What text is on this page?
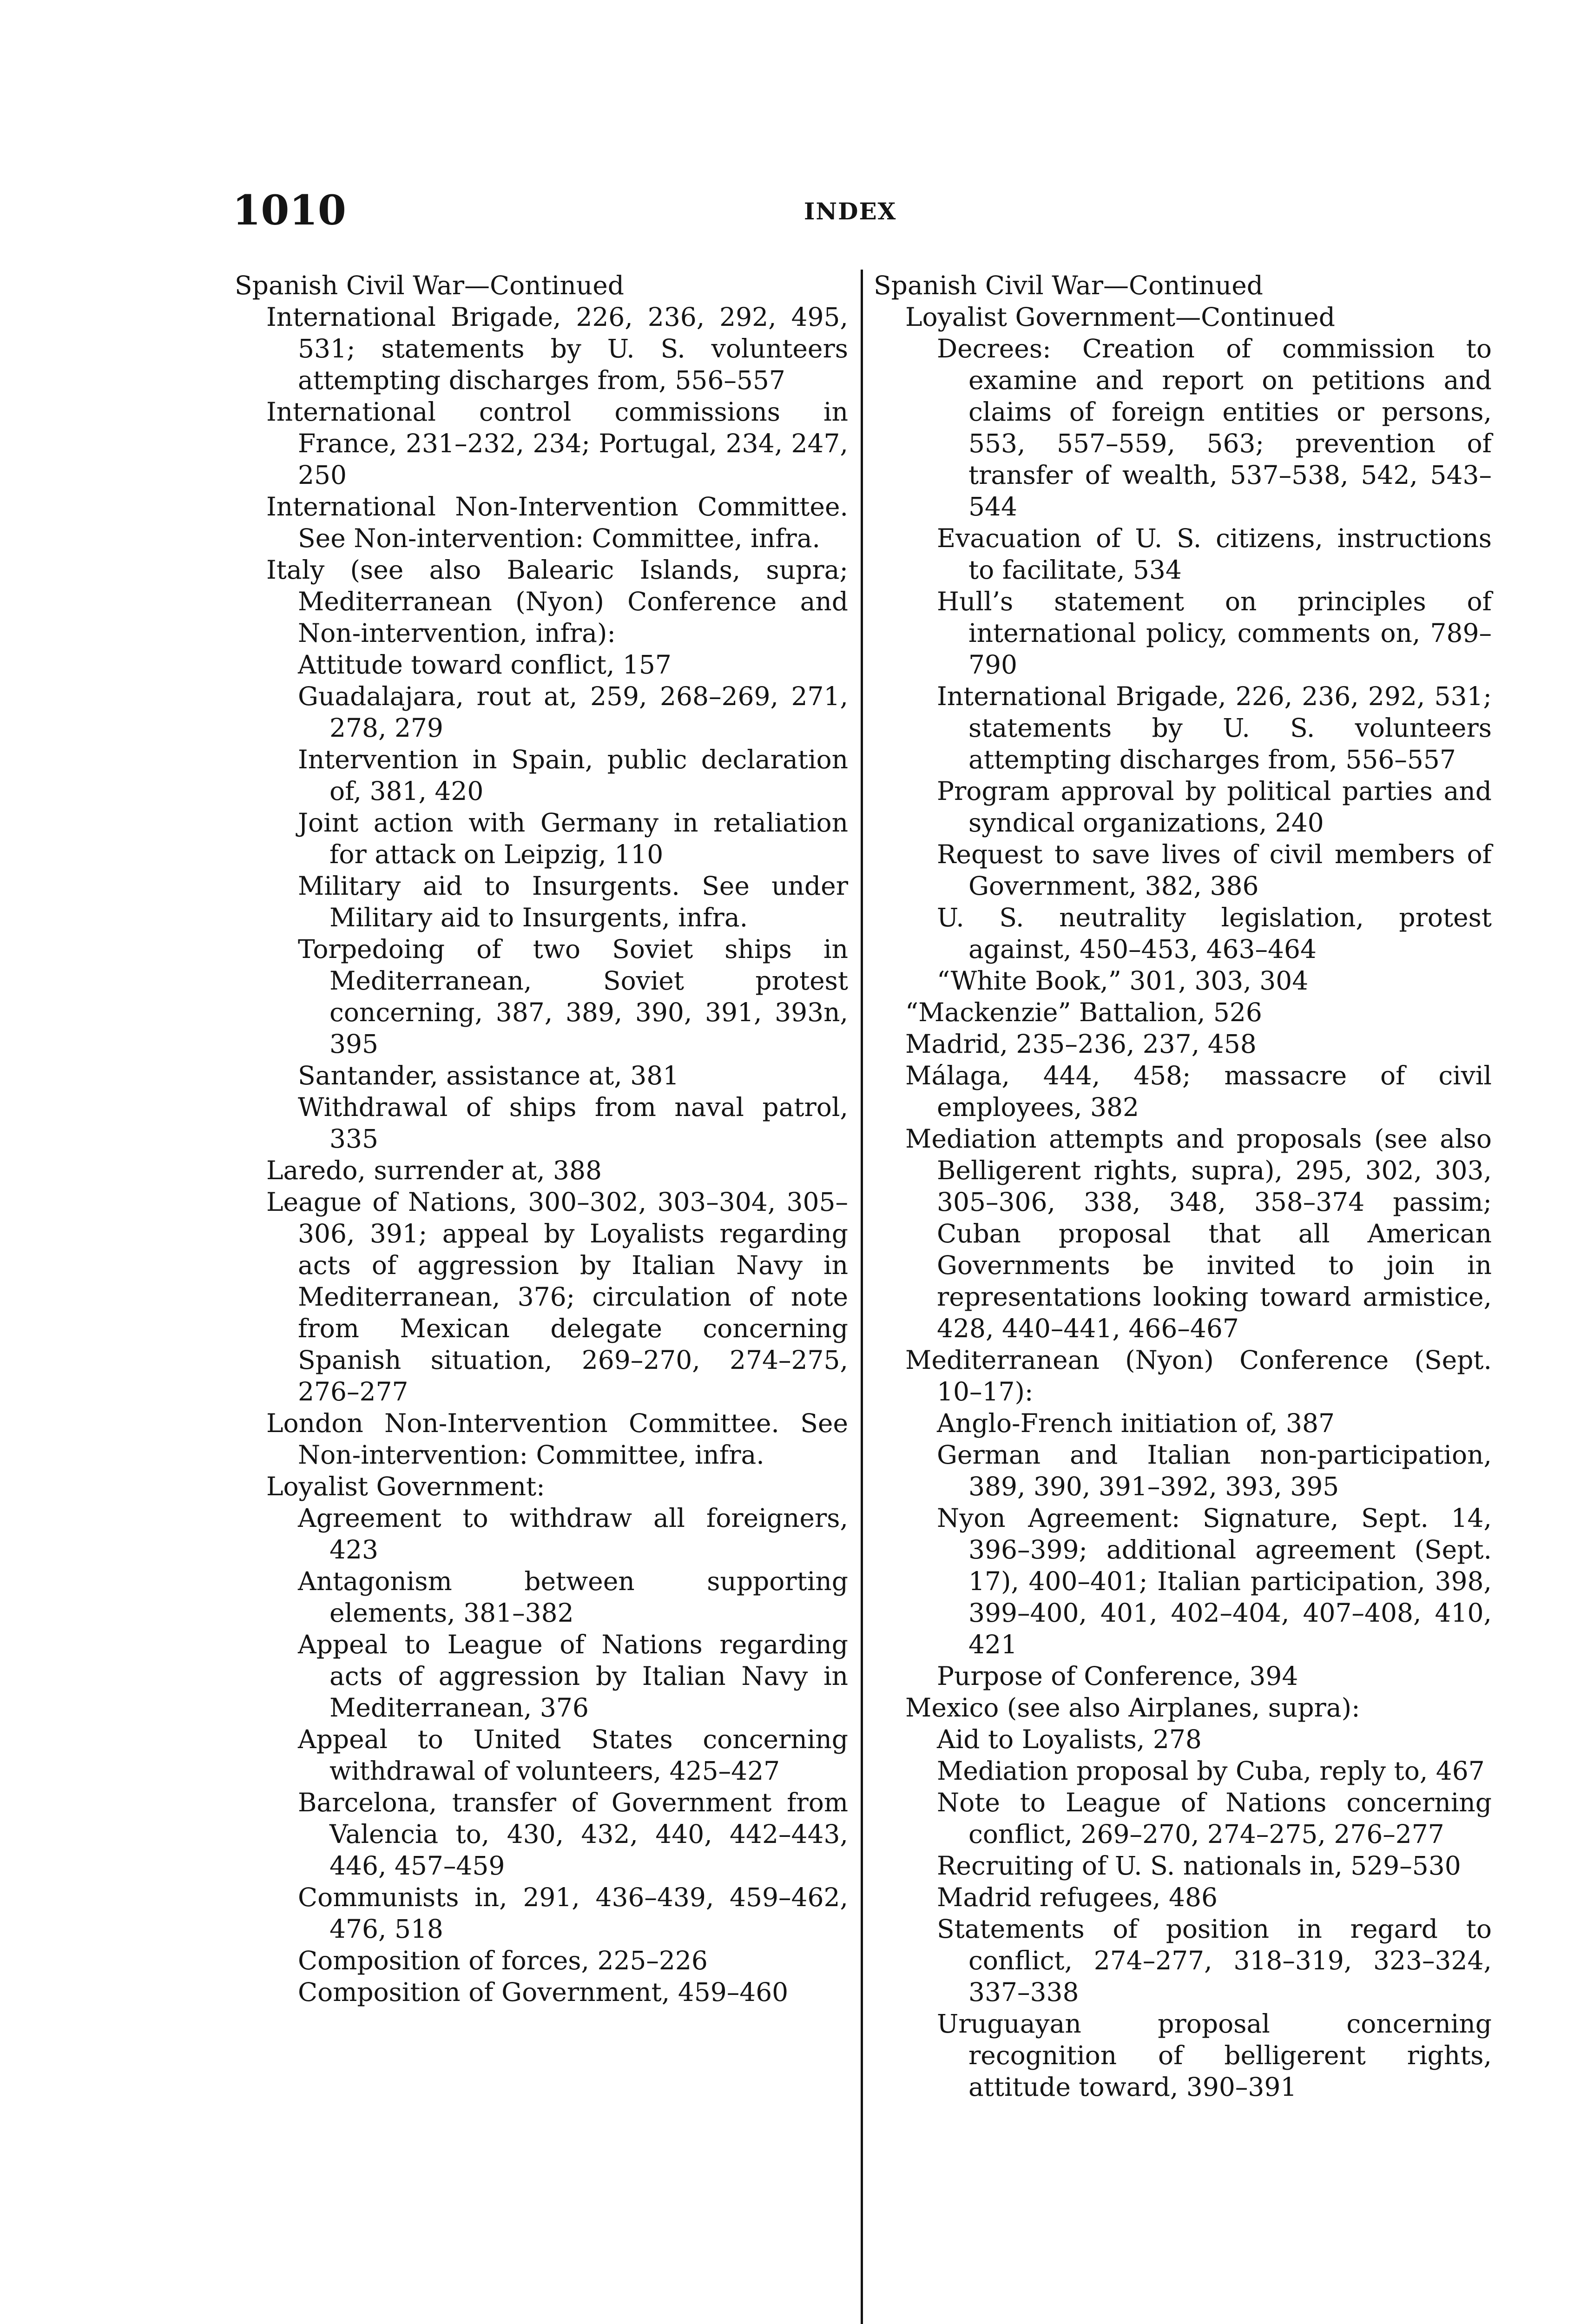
1010	INDEX
Spanish Civil War—Continued
International Brigade, 226, 236, 292, 495, 531; statements by U. S. volunteers attempting discharges from, 556–557
International control commissions in France, 231–232, 234; Portugal, 234, 247, 250
International Non-Intervention Committee. See Non-intervention: Committee, infra.
Italy (see also Balearic Islands, supra; Mediterranean (Nyon) Conference and Non-intervention, infra):
Attitude toward conflict, 157
Guadalajara, rout at, 259, 268–269, 271, 278, 279
Intervention in Spain, public declaration of, 381, 420
Joint action with Germany in retaliation for attack on Leipzig, 110
Military aid to Insurgents. See under Military aid to Insurgents, infra.
Torpedoing of two Soviet ships in Mediterranean, Soviet protest concerning, 387, 389, 390, 391, 393n, 395
Santander, assistance at, 381
Withdrawal of ships from naval patrol, 335
Laredo, surrender at, 388
League of Nations, 300–302, 303–304, 305–306, 391; appeal by Loyalists regarding acts of aggression by Italian Navy in Mediterranean, 376; circulation of note from Mexican delegate concerning Spanish situation, 269–270, 274–275, 276–277
London Non-Intervention Committee. See Non-intervention: Committee, infra.
Loyalist Government:
Agreement to withdraw all foreigners, 423
Antagonism between supporting elements, 381–382
Appeal to League of Nations regarding acts of aggression by Italian Navy in Mediterranean, 376
Appeal to United States concerning withdrawal of volunteers, 425–427
Barcelona, transfer of Government from Valencia to, 430, 432, 440, 442–443, 446, 457–459
Communists in, 291, 436–439, 459–462, 476, 518
Composition of forces, 225–226
Composition of Government, 459–460
Spanish Civil War—Continued
Loyalist Government—Continued
Decrees: Creation of commission to examine and report on petitions and claims of foreign entities or persons, 553, 557–559, 563; prevention of transfer of wealth, 537–538, 542, 543–544
Evacuation of U. S. citizens, instructions to facilitate, 534
Hull’s statement on principles of international policy, comments on, 789–790
International Brigade, 226, 236, 292, 531; statements by U. S. volunteers attempting discharges from, 556–557
Program approval by political parties and syndical organizations, 240
Request to save lives of civil members of Government, 382, 386
U. S. neutrality legislation, protest against, 450–453, 463–464
“White Book,” 301, 303, 304
“Mackenzie” Battalion, 526
Madrid, 235–236, 237, 458
Málaga, 444, 458; massacre of civil employees, 382
Mediation attempts and proposals (see also Belligerent rights, supra), 295, 302, 303, 305–306, 338, 348, 358–374 passim; Cuban proposal that all American Governments be invited to join in representations looking toward armistice, 428, 440–441, 466–467
Mediterranean (Nyon) Conference (Sept. 10–17):
Anglo-French initiation of, 387
German and Italian non-participation, 389, 390, 391–392, 393, 395
Nyon Agreement: Signature, Sept. 14, 396–399; additional agreement (Sept. 17), 400–401; Italian participation, 398, 399–400, 401, 402–404, 407–408, 410, 421
Purpose of Conference, 394
Mexico (see also Airplanes, supra):
Aid to Loyalists, 278
Mediation proposal by Cuba, reply to, 467
Note to League of Nations concerning conflict, 269–270, 274–275, 276–277
Recruiting of U. S. nationals in, 529–530
Madrid refugees, 486
Statements of position in regard to conflict, 274–277, 318–319, 323–324, 337–338
Uruguayan proposal concerning recognition of belligerent rights, attitude toward, 390–391
